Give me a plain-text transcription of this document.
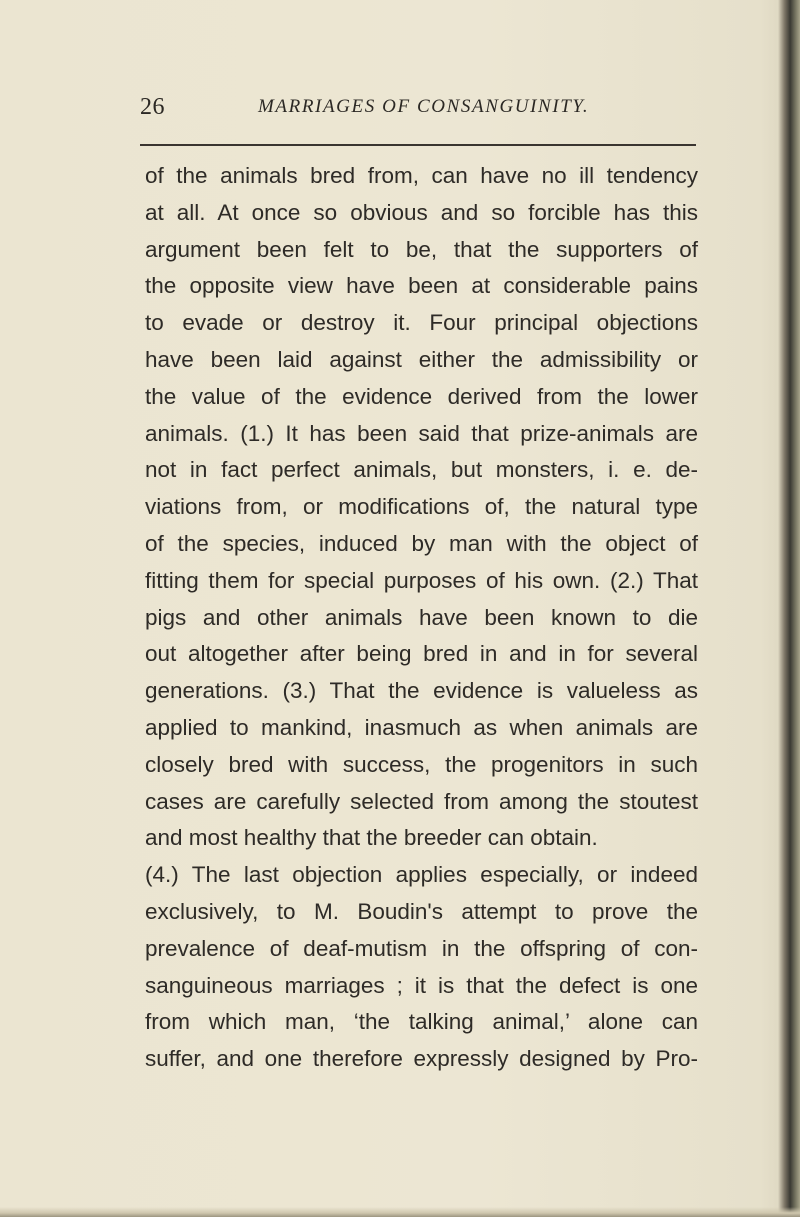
26	MARRIAGES OF CONSANGUINITY.
of the animals bred from, can have no ill tendency
at all. At once so obvious and so forcible has this
argument been felt to be, that the supporters of
the opposite view have been at considerable pains
to evade or destroy it. Four principal objections
have been laid against either the admissibility or
the value of the evidence derived from the lower
animals. (1.) It has been said that prize-animals are
not in fact perfect animals, but monsters, i. e. de-
viations from, or modifications of, the natural type
of the species, induced by man with the object of
fitting them for special purposes of his own. (2.) That
pigs and other animals have been known to die
out altogether after being bred in and in for several
generations. (3.) That the evidence is valueless as
applied to mankind, inasmuch as when animals are
closely bred with success, the progenitors in such
cases are carefully selected from among the stoutest
and most healthy that the breeder can obtain.
(4.) The last objection applies especially, or indeed
exclusively, to M. Boudin's attempt to prove the
prevalence of deaf-mutism in the offspring of con-
sanguineous marriages ; it is that the defect is one
from which man, ‘the talking animal,’ alone can
suffer, and one therefore expressly designed by Pro-
